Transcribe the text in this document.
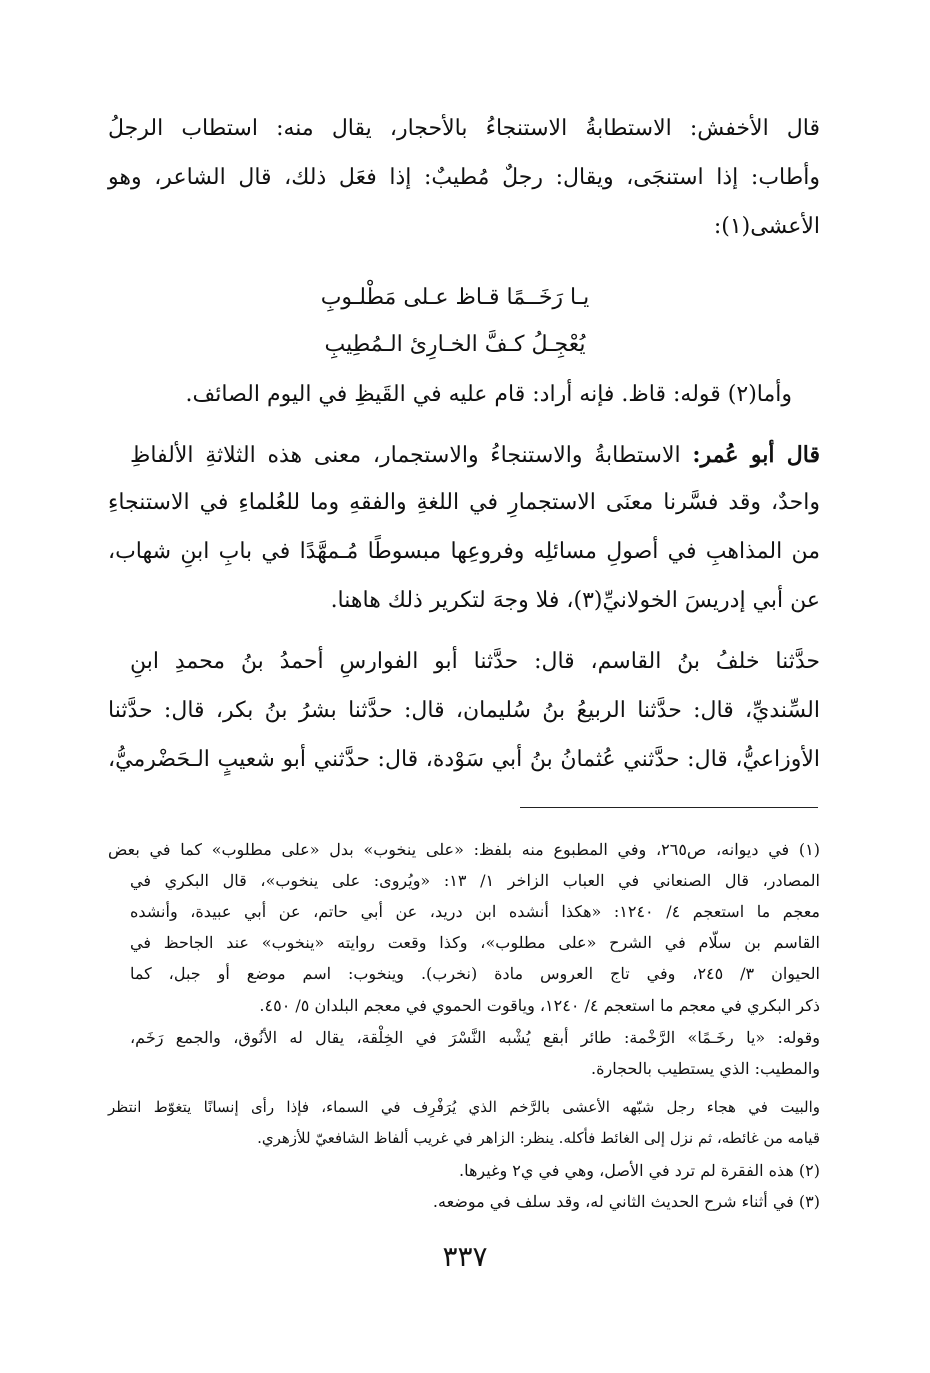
قال الأخفش: الاستطابةُ الاستنجاءُ بالأحجار، يقال منه: استطاب الرجلُ
وأطاب: إذا استنجَى، ويقال: رجلٌ مُطيبٌ: إذا فعَل ذلك، قال الشاعر، وهو
الأعشى(١):
يـا رَخَــمًا قـاظ عـلى مَطْلـوبِ
يُعْجِـلُ كـفَّ الخـارِئ الـمُطِيبِ
وأما(٢) قوله: قاظ. فإنه أراد: قام عليه في القَيظِ في اليوم الصائف.
قال أبو عُمر: الاستطابةُ والاستنجاءُ والاستجمار، معنى هذه الثلاثةِ الألفاظِ
واحدٌ، وقد فسَّرنا معنَى الاستجمارِ في اللغةِ والفقهِ وما للعُلماءِ في الاستنجاءِ
من المذاهبِ في أصولِ مسائلِه وفروعِها مبسوطًا مُـمهَّدًا في بابِ ابنِ شهاب،
عن أبي إدريسَ الخولانيِّ(٣)، فلا وجهَ لتكرير ذلك هاهنا.
حدَّثنا خلفُ بنُ القاسم، قال: حدَّثنا أبو الفوارسِ أحمدُ بنُ محمدِ ابنِ
السِّنديِّ، قال: حدَّثنا الربيعُ بنُ سُليمان، قال: حدَّثنا بشرُ بنُ بكر، قال: حدَّثنا
الأوزاعيُّ، قال: حدَّثني عُثمانُ بنُ أبي سَوْدة، قال: حدَّثني أبو شعيبٍ الـحَضْرميُّ،
(١) في ديوانه، ص٢٦٥، وفي المطبوع منه بلفظ: «على ينخوب» بدل «على مطلوب» كما في بعض
المصادر، قال الصنعاني في العباب الزاخر ١/ ١٣: «ويُروى: على ينخوب»، قال البكري في
معجم ما استعجم ٤/ ١٢٤٠: «هكذا أنشده ابن دريد، عن أبي حاتم، عن أبي عبيدة، وأنشده
القاسم بن سلّام في الشرح «على مطلوب»، وكذا وقعت روايته «ينخوب» عند الجاحظ في
الحيوان ٣/ ٢٤٥، وفي تاج العروس مادة (نخرب). وينخوب: اسم موضع أو جبل، كما
ذكر البكري في معجم ما استعجم ٤/ ١٢٤٠، وياقوت الحموي في معجم البلدان ٥/ ٤٥٠.
وقوله: «يا رخَـمًا» الرَّخْمة: طائر أبقع يُشْبه النَّسْرَ في الخِلْقة، يقال له الأنُوق، والجمع رَخَم،
والمطيب: الذي يستطيب بالحجارة.
والبيت في هجاء رجل شبّهه الأعشى بالرَّخم الذي يُرَفْرِف في السماء، فإذا رأى إنسانًا يتغوّط انتظر
قيامه من غائطه، ثم نزل إلى الغائط فأكله. ينظر: الزاهر في غريب ألفاظ الشافعيّ للأزهري.
(٢) هذه الفقرة لم ترد في الأصل، وهي في ي٢ وغيرها.
(٣) في أثناء شرح الحديث الثاني له، وقد سلف في موضعه.
٣٣٧
